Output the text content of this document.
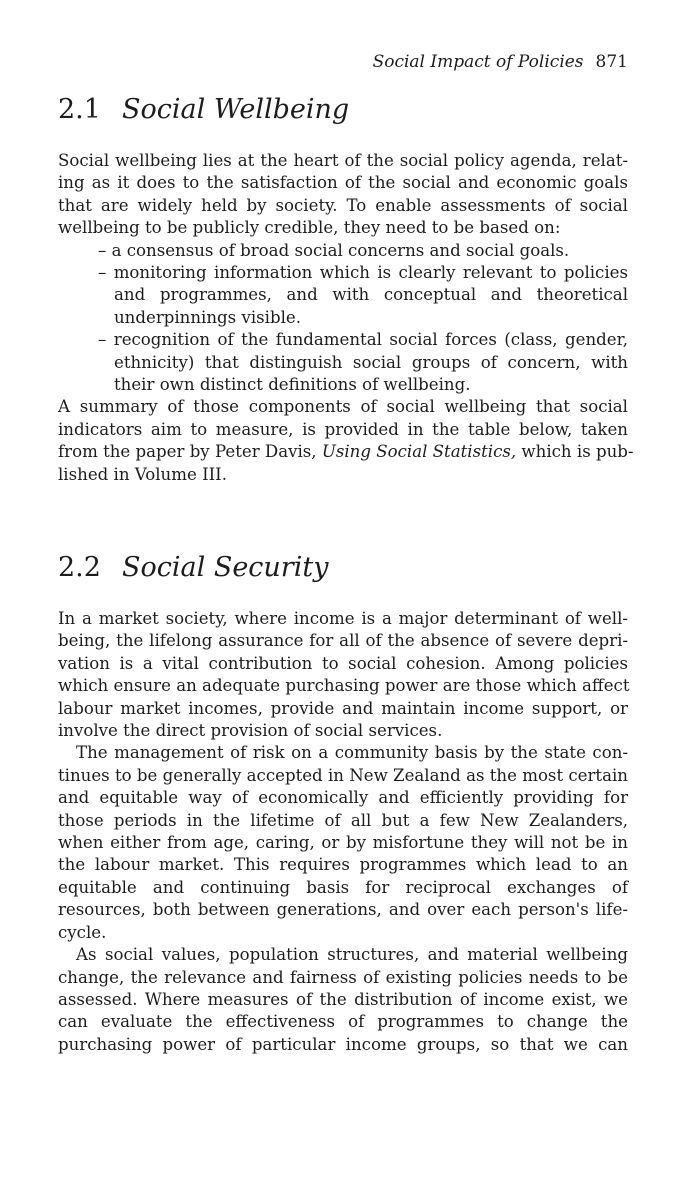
Social Impact of Policies 871
2.1 Social Wellbeing
Social wellbeing lies at the heart of the social policy agenda, relat-
ing as it does to the satisfaction of the social and economic goals
that are widely held by society. To enable assessments of social
wellbeing to be publicly credible, they need to be based on:
– a consensus of broad social concerns and social goals.
– monitoring information which is clearly relevant to policies
and programmes, and with conceptual and theoretical
underpinnings visible.
– recognition of the fundamental social forces (class, gender,
ethnicity) that distinguish social groups of concern, with
their own distinct definitions of wellbeing.
A summary of those components of social wellbeing that social
indicators aim to measure, is provided in the table below, taken
from the paper by Peter Davis, Using Social Statistics, which is pub-
lished in Volume III.
2.2 Social Security
In a market society, where income is a major determinant of well-
being, the lifelong assurance for all of the absence of severe depri-
vation is a vital contribution to social cohesion. Among policies
which ensure an adequate purchasing power are those which affect
labour market incomes, provide and maintain income support, or
involve the direct provision of social services.
The management of risk on a community basis by the state con-
tinues to be generally accepted in New Zealand as the most certain
and equitable way of economically and efficiently providing for
those periods in the lifetime of all but a few New Zealanders,
when either from age, caring, or by misfortune they will not be in
the labour market. This requires programmes which lead to an
equitable and continuing basis for reciprocal exchanges of
resources, both between generations, and over each person's life-
cycle.
As social values, population structures, and material wellbeing
change, the relevance and fairness of existing policies needs to be
assessed. Where measures of the distribution of income exist, we
can evaluate the effectiveness of programmes to change the
purchasing power of particular income groups, so that we can
